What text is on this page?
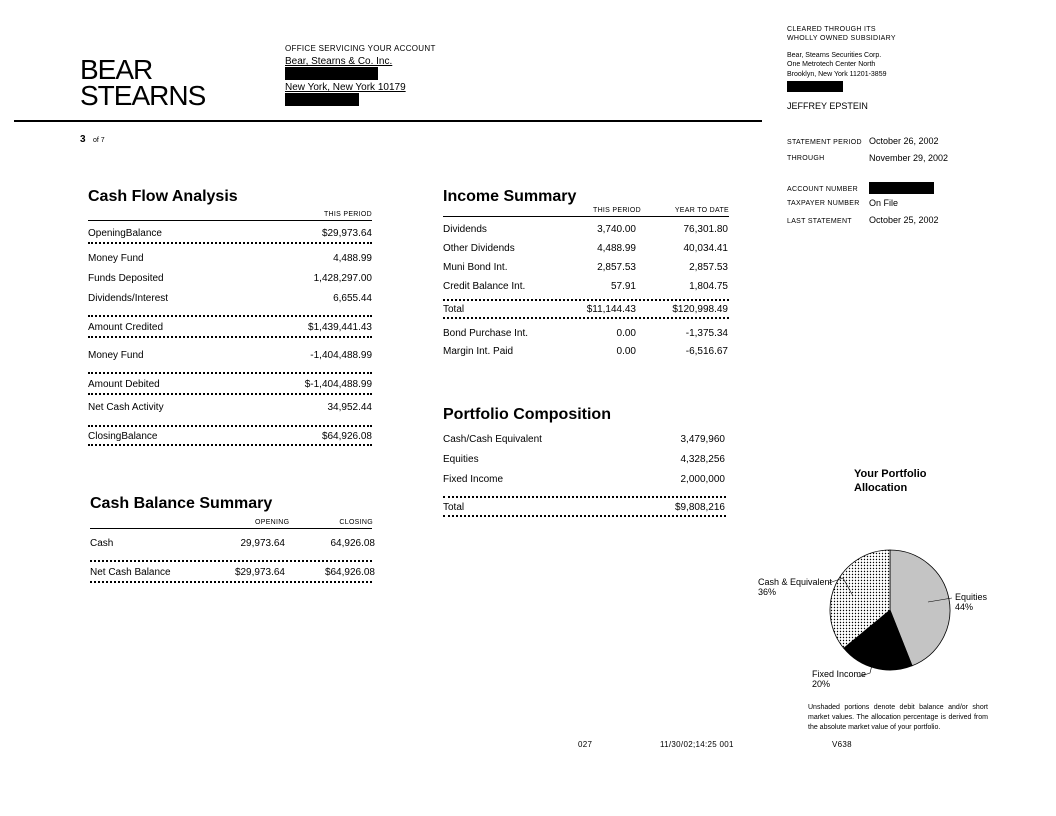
BEAR
STEARNS
OFFICE SERVICING YOUR ACCOUNT
Bear, Stearns & Co. Inc.
New York, New York 10179
CLEARED THROUGH ITS
WHOLLY OWNED SUBSIDIARY
Bear, Stearns Securities Corp.
One Metrotech Center North
Brooklyn, New York 11201-3859
JEFFREY EPSTEIN
3 of 7	STATEMENT PERIOD October 26, 2002
THROUGH	November 29, 2002
ACCOUNT NUMBER
TAXPAYER NUMBER On File
LAST STATEMENT October 25, 2002
Cash Flow Analysis
THIS PERIOD
OpeningBalance	$29,973.64
Money Fund	4,488.99
Funds Deposited	1,428,297.00
Dividends/Interest	6,655.44
Amount Credited	$1,439,441.43
Money Fund	-1,404,488.99
Amount Debited	$-1,404,488.99
Net Cash Activity	34,952.44
ClosingBalance	$64,926.08
Cash Balance Summary
OPENING	CLOSING
Cash	29,973.64	64,926.08
Net Cash Balance	$29,973.64	$64,926.08
Income Summary
THIS PERIOD	YEAR TO DATE
Dividends	3,740.00	76,301.80
Other Dividends	4,488.99	40,034.41
Muni Bond Int.	2,857.53	2,857.53
Credit Balance Int.	57.91	1,804.75
Total	$11,144.43	$120,998.49
Bond Purchase Int.	0.00	-1,375.34
Margin Int. Paid	0.00	-6,516.67
Portfolio Composition
Cash/Cash Equivalent	3,479,960
Equities	4,328,256
Fixed Income	2,000,000
Total	$9,808,216
Your Portfolio
Allocation
Cash & Equivalent
36%	Equities
44%
Fixed Income
20%
Unshaded portions denote debit balance and/or short market values. The allocation percentage is derived from the absolute market value of your portfolio.
027	11/30/02;14:25 001	V638
